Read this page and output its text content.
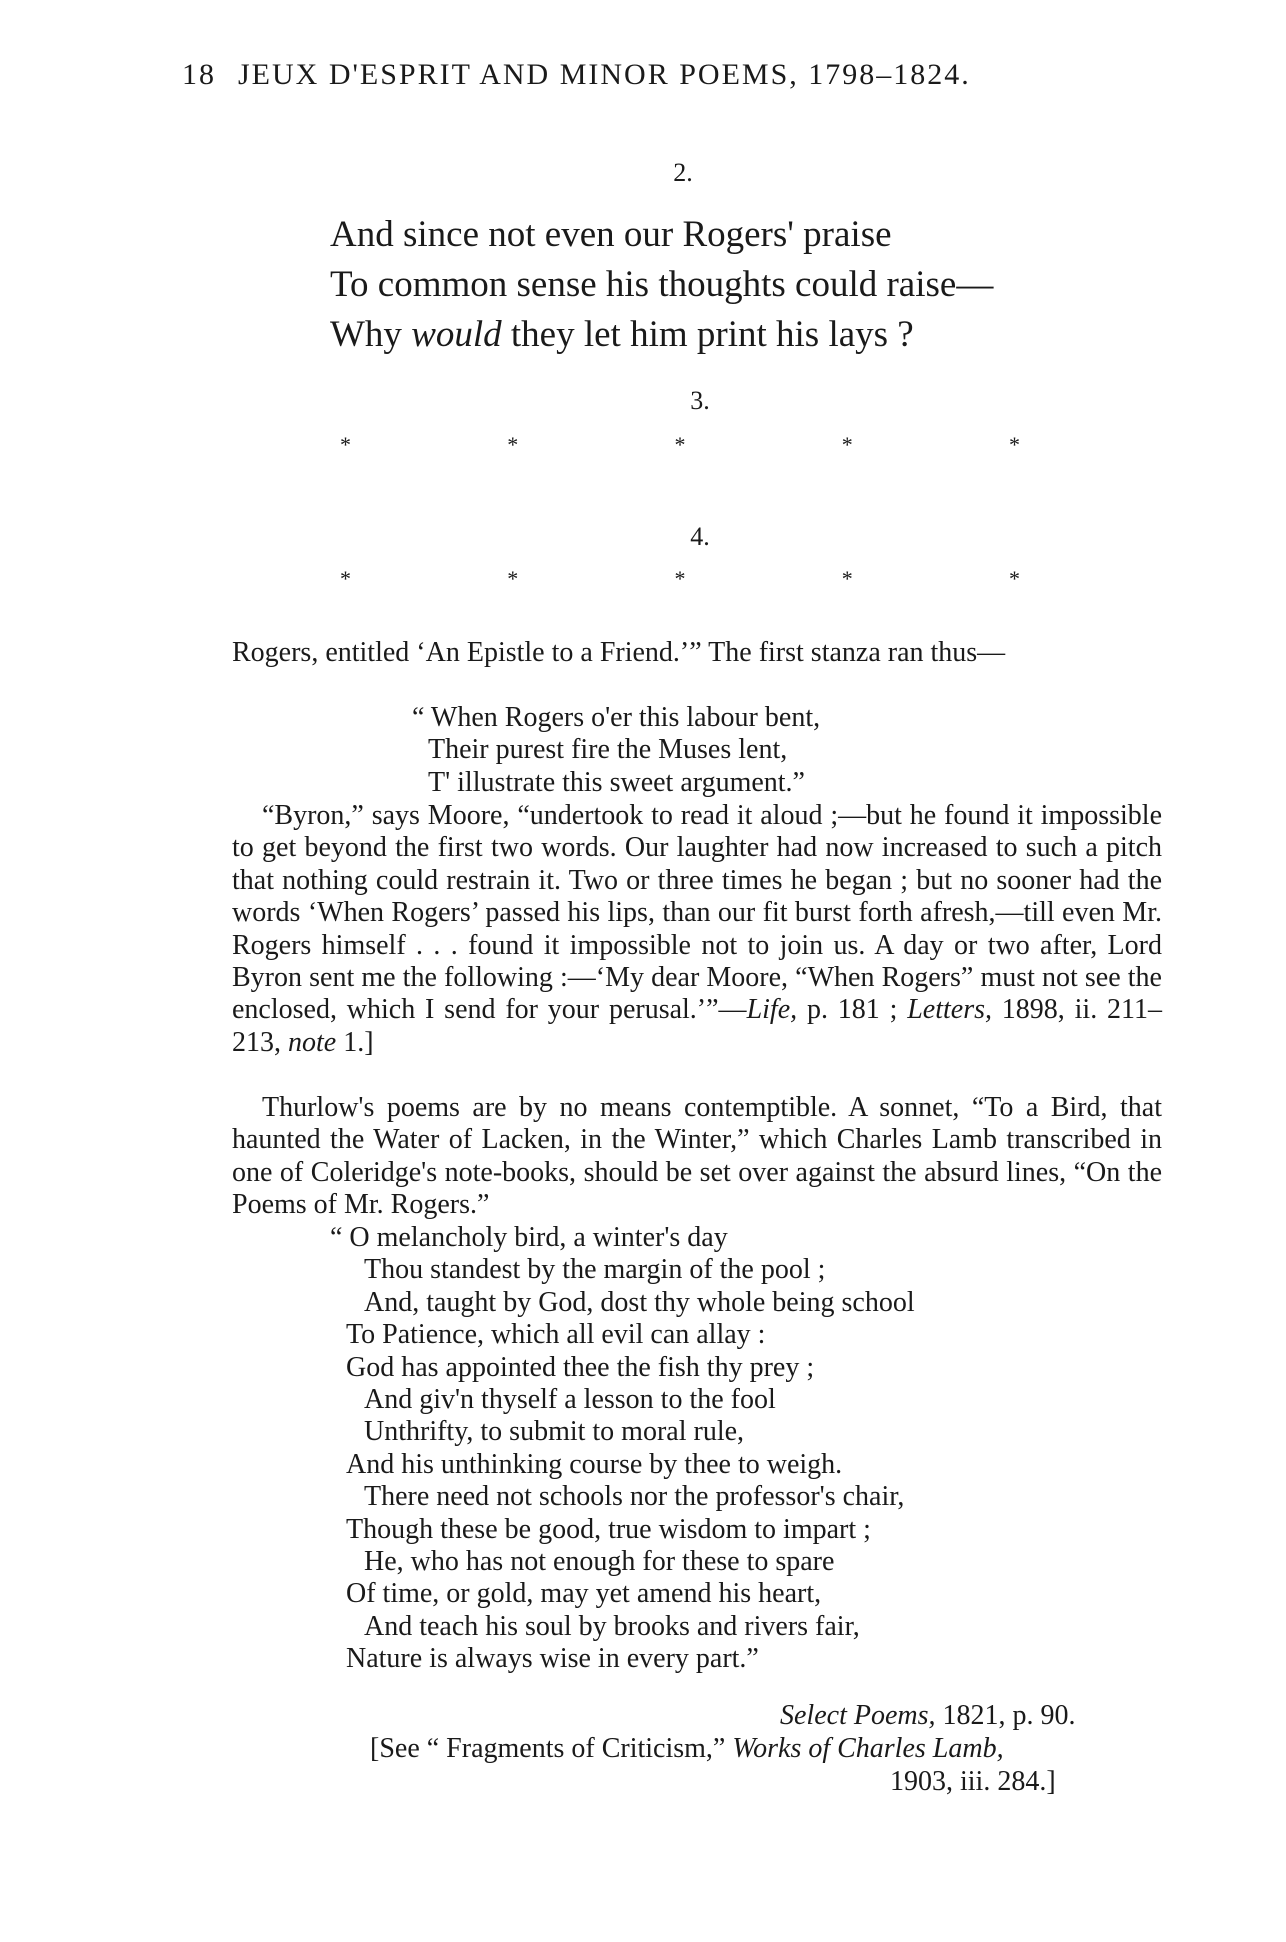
18 JEUX D'ESPRIT AND MINOR POEMS, 1798–1824.
2.
And since not even our Rogers' praise
To common sense his thoughts could raise—
Why would they let him print his lays ?
3.
*	*	*	*	*
4.
*	*	*	*	*

Rogers, entitled ‘An Epistle to a Friend.’” The first stanza ran thus—

“ When Rogers o'er this labour bent,
Their purest fire the Muses lent,
T' illustrate this sweet argument.”

“Byron,” says Moore, “undertook to read it aloud ;—but he found it impossible to get beyond the first two words. Our laughter had now increased to such a pitch that nothing could restrain it. Two or three times he began ; but no sooner had the words ‘When Rogers’ passed his lips, than our fit burst forth afresh,—till even Mr. Rogers himself . . . found it impossible not to join us. A day or two after, Lord Byron sent me the following :—‘My dear Moore, “When Rogers” must not see the enclosed, which I send for your perusal.’”—Life, p. 181 ; Letters, 1898, ii. 211–213, note 1.]

Thurlow's poems are by no means contemptible. A sonnet, “To a Bird, that haunted the Water of Lacken, in the Winter,” which Charles Lamb transcribed in one of Coleridge's note-books, should be set over against the absurd lines, “On the Poems of Mr. Rogers.”

“ O melancholy bird, a winter's day
Thou standest by the margin of the pool ;
And, taught by God, dost thy whole being school
To Patience, which all evil can allay :
God has appointed thee the fish thy prey ;
And giv'n thyself a lesson to the fool
Unthrifty, to submit to moral rule,
And his unthinking course by thee to weigh.
There need not schools nor the professor's chair,
Though these be good, true wisdom to impart ;
He, who has not enough for these to spare
Of time, or gold, may yet amend his heart,
And teach his soul by brooks and rivers fair,
Nature is always wise in every part.”
Select Poems, 1821, p. 90.
[See “ Fragments of Criticism,” Works of Charles Lamb,
1903, iii. 284.]
